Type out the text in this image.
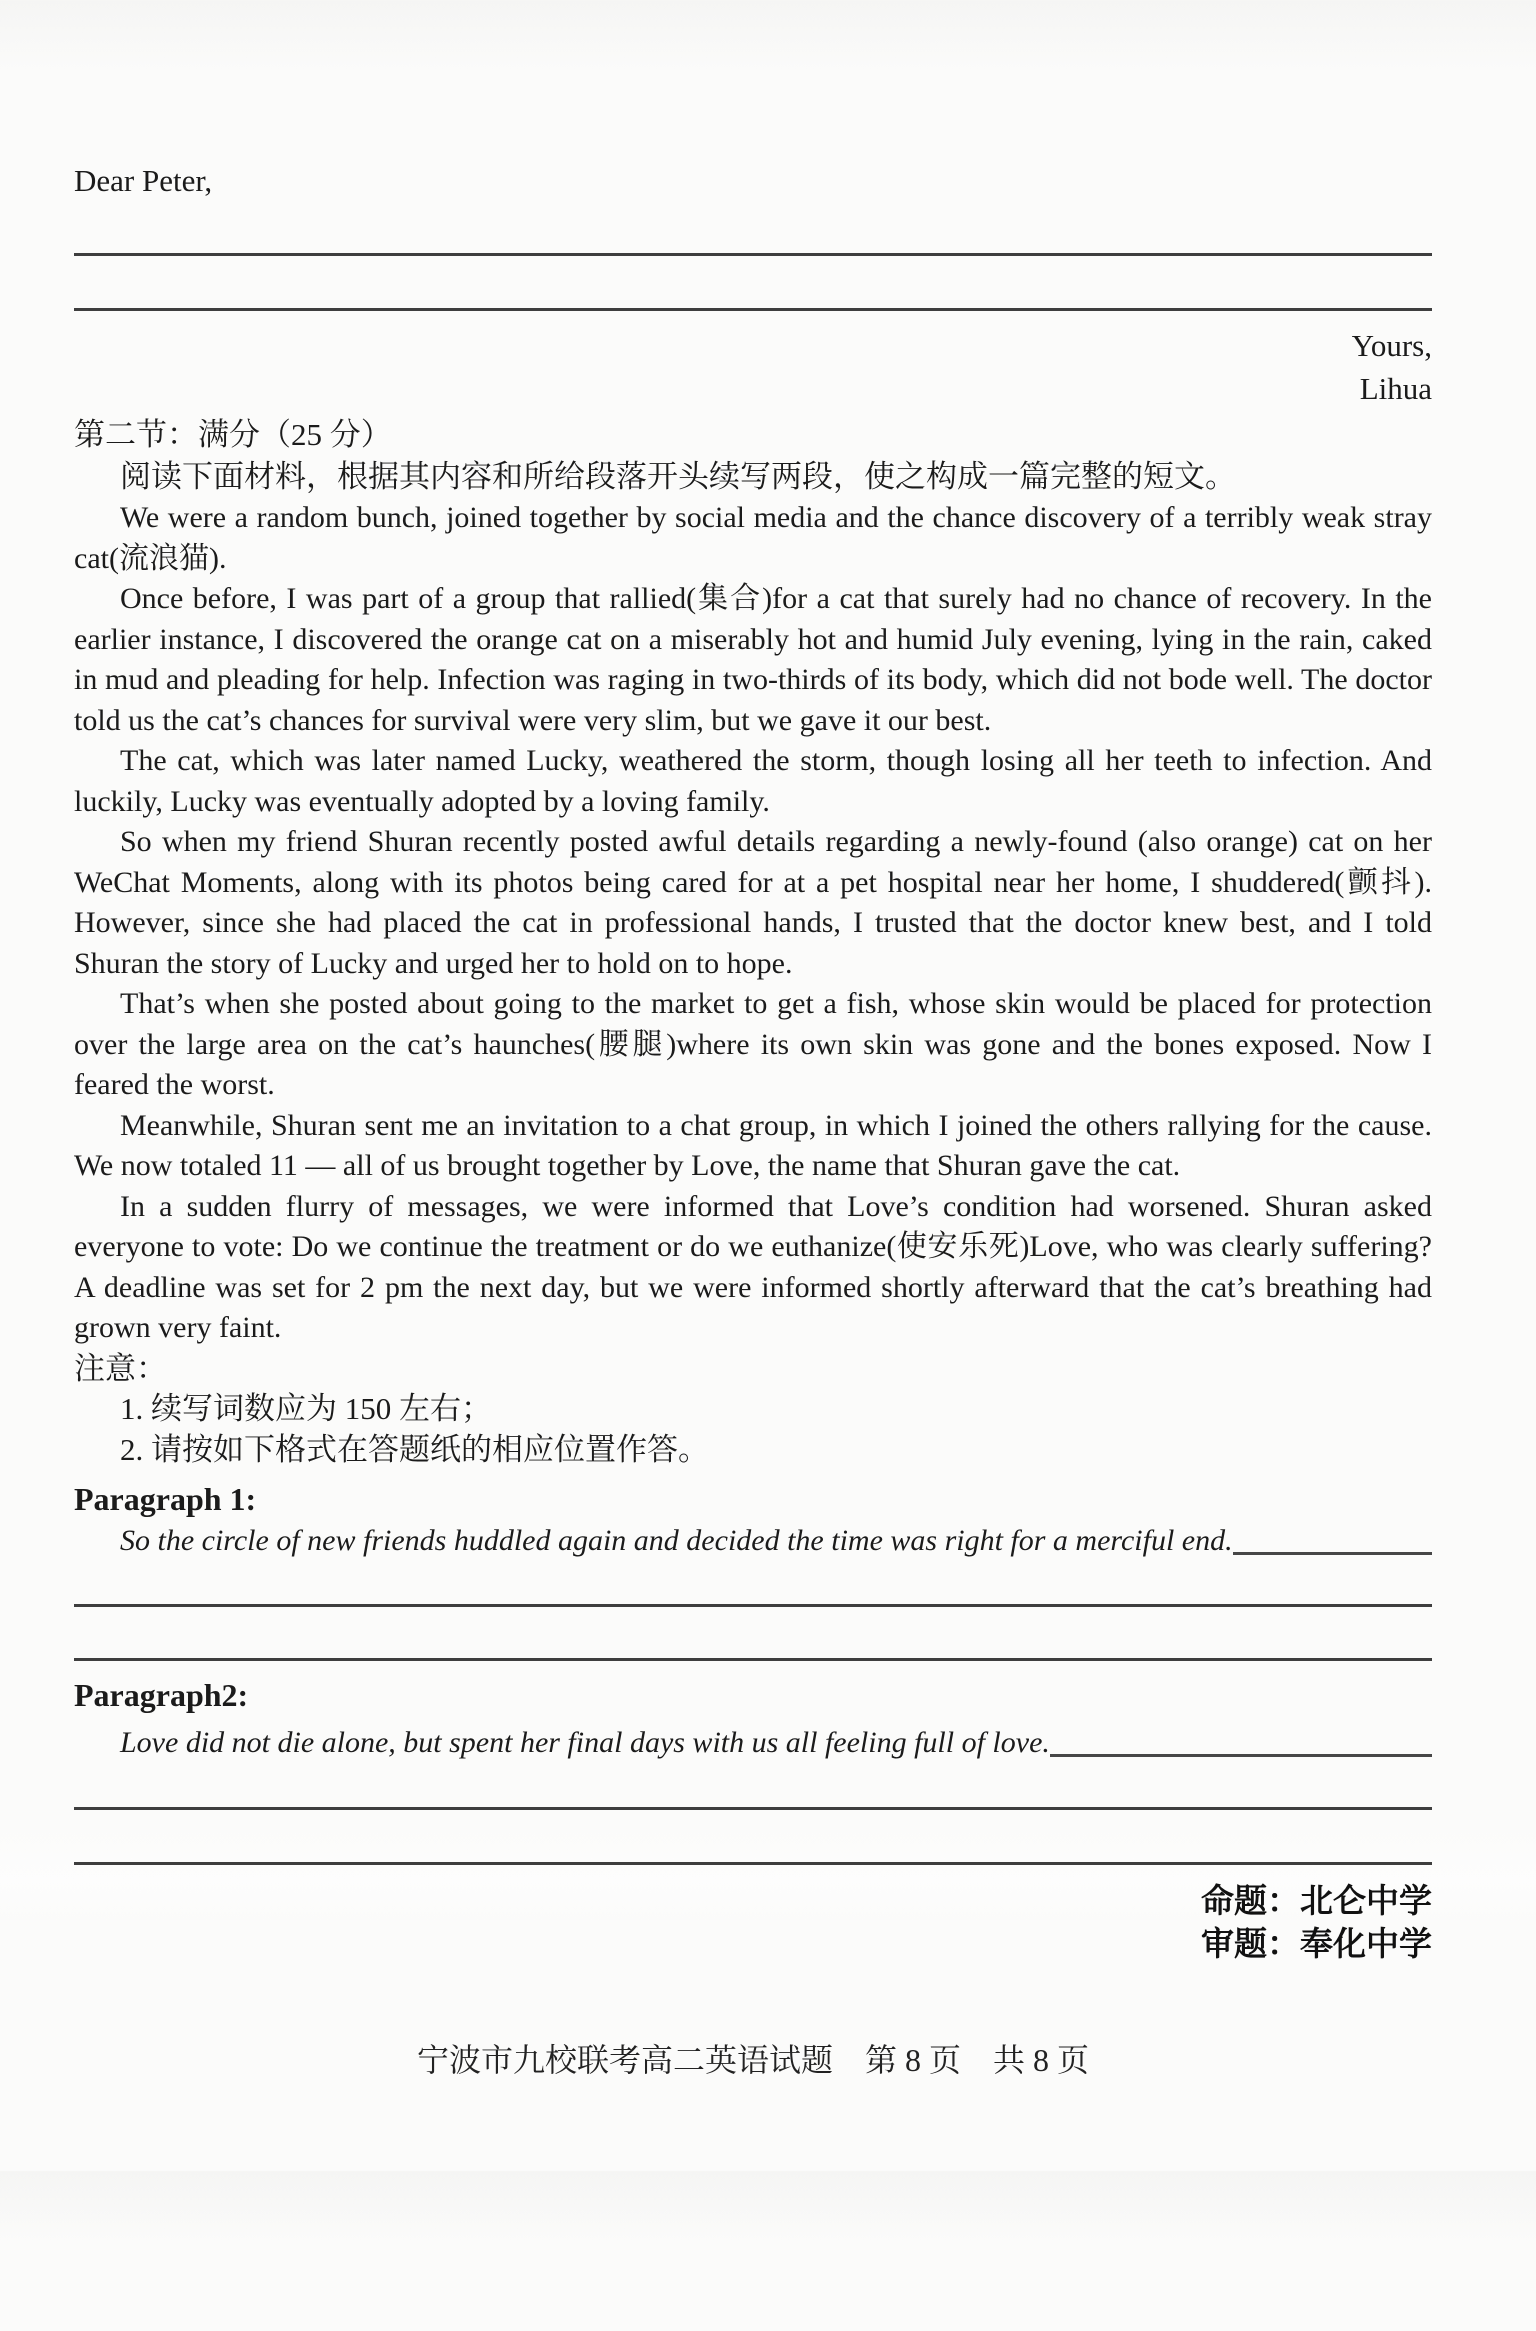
Dear Peter,
Yours,
Lihua
第二节：满分（25 分）
阅读下面材料，根据其内容和所给段落开头续写两段，使之构成一篇完整的短文。

We were a random bunch, joined together by social media and the chance discovery of a terribly weak stray cat(流浪猫).

Once before, I was part of a group that rallied(集合)for a cat that surely had no chance of recovery. In the earlier instance, I discovered the orange cat on a miserably hot and humid July evening, lying in the rain, caked in mud and pleading for help. Infection was raging in two-thirds of its body, which did not bode well. The doctor told us the cat’s chances for survival were very slim, but we gave it our best.

The cat, which was later named Lucky, weathered the storm, though losing all her teeth to infection. And luckily, Lucky was eventually adopted by a loving family.

So when my friend Shuran recently posted awful details regarding a newly-found (also orange) cat on her WeChat Moments, along with its photos being cared for at a pet hospital near her home, I shuddered(颤抖). However, since she had placed the cat in professional hands, I trusted that the doctor knew best, and I told Shuran the story of Lucky and urged her to hold on to hope.

That’s when she posted about going to the market to get a fish, whose skin would be placed for protection over the large area on the cat’s haunches(腰腿)where its own skin was gone and the bones exposed. Now I feared the worst.

Meanwhile, Shuran sent me an invitation to a chat group, in which I joined the others rallying for the cause. We now totaled 11 — all of us brought together by Love, the name that Shuran gave the cat.

In a sudden flurry of messages, we were informed that Love’s condition had worsened. Shuran asked everyone to vote: Do we continue the treatment or do we euthanize(使安乐死)Love, who was clearly suffering? A deadline was set for 2 pm the next day, but we were informed shortly afterward that the cat’s breathing had grown very faint.

注意：
1. 续写词数应为 150 左右；
2. 请按如下格式在答题纸的相应位置作答。
Paragraph 1:
So the circle of new friends huddled again and decided the time was right for a merciful end.
Paragraph2:
Love did not die alone, but spent her final days with us all feeling full of love.
命题：北仑中学
审题：奉化中学
宁波市九校联考高二英语试题　第 8 页　共 8 页
